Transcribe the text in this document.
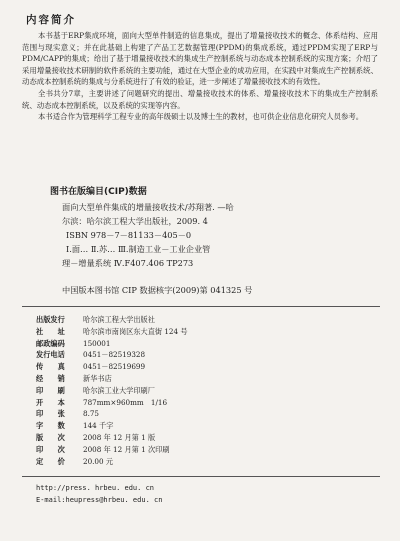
内容简介

本书基于ERP集成环境，面向大型单件制造的信息集成，提出了增量接收技术的概念、体系结构、应用范围与现实意义；并在此基础上构建了产品工艺数据管理(PPDM)的集成系统，通过PPDM实现了ERP与PDM/CAPP的集成；给出了基于增量接收技术的集成生产控制系统与动态成本控制系统的实现方案；介绍了采用增量接收技术研制的软件系统的主要功能，通过在大型企业的成功应用，在实践中对集成生产控制系统、动态成本控制系统的集成与分系统进行了有效的验证，进一步阐述了增量接收技术的有效性。

全书共分7章，主要讲述了问题研究的提出、增量接收技术的体系、增量接收技术下的集成生产控制系统、动态成本控制系统，以及系统的实现等内容。

本书适合作为管理科学工程专业的高年级硕士以及博士生的教材，也可供企业信息化研究人员参考。

图书在版编目(CIP)数据
面向大型单件集成的增量接收技术/苏翔著. —哈
尔滨：哈尔滨工程大学出版社，2009. 4
ISBN 978－7－81133－405－0
Ⅰ.面… Ⅱ.苏… Ⅲ.制造工业－工业企业管
理－增量系统 Ⅳ.F407.406 TP273
中国版本图书馆 CIP 数据核字(2009)第 041325 号
出版发行	哈尔滨工程大学出版社
社　　址	哈尔滨市南岗区东大直街 124 号
邮政编码	150001
发行电话	0451－82519328
传　　真	0451－82519699
经　　销	新华书店
印　　刷	哈尔滨工业大学印刷厂
开　　本	787mm×960mm　1/16
印　　张	8.75
字　　数	144 千字
版　　次	2008 年 12 月第 1 版
印　　次	2008 年 12 月第 1 次印刷
定　　价	20.00 元
http://press. hrbeu. edu. cn
E-mail:heupress@hrbeu. edu. cn
